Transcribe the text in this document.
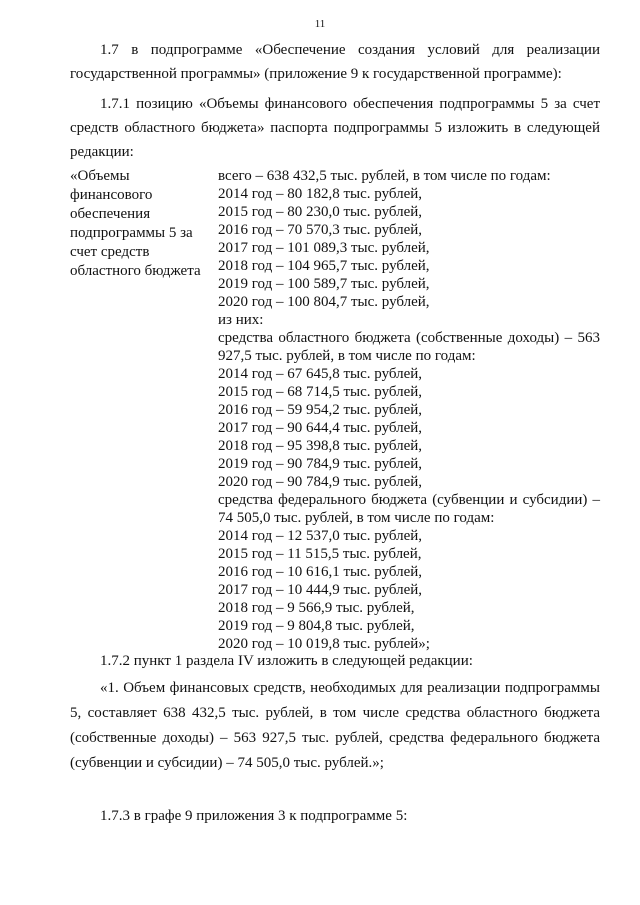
11
1.7 в подпрограмме «Обеспечение создания условий для реализации государственной программы» (приложение 9 к государственной программе):
1.7.1 позицию «Объемы финансового обеспечения подпрограммы 5 за счет средств областного бюджета» паспорта подпрограммы 5 изложить в следующей редакции:
«Объемы
финансового
обеспечения
подпрограммы 5 за
счет средств
областного бюджета
всего – 638 432,5 тыс. рублей, в том числе по годам:
2014 год – 80 182,8 тыс. рублей,
2015 год – 80 230,0 тыс. рублей,
2016 год – 70 570,3 тыс. рублей,
2017 год – 101 089,3 тыс. рублей,
2018 год – 104 965,7 тыс. рублей,
2019 год – 100 589,7 тыс. рублей,
2020 год – 100 804,7 тыс. рублей,
из них:
средства областного бюджета (собственные доходы) – 563 927,5 тыс. рублей, в том числе по годам:
2014 год – 67 645,8 тыс. рублей,
2015 год – 68 714,5 тыс. рублей,
2016 год – 59 954,2 тыс. рублей,
2017 год – 90 644,4 тыс. рублей,
2018 год – 95 398,8 тыс. рублей,
2019 год – 90 784,9 тыс. рублей,
2020 год – 90 784,9 тыс. рублей,
средства федерального бюджета (субвенции и субсидии) – 74 505,0 тыс. рублей, в том числе по годам:
2014 год – 12 537,0 тыс. рублей,
2015 год – 11 515,5 тыс. рублей,
2016 год – 10 616,1 тыс. рублей,
2017 год – 10 444,9 тыс. рублей,
2018 год – 9 566,9 тыс. рублей,
2019 год – 9 804,8 тыс. рублей,
2020 год – 10 019,8 тыс. рублей»;
1.7.2 пункт 1 раздела IV изложить в следующей редакции:
«1. Объем финансовых средств, необходимых для реализации подпрограммы 5, составляет 638 432,5 тыс. рублей, в том числе средства областного бюджета (собственные доходы) – 563 927,5 тыс. рублей, средства федерального бюджета (субвенции и субсидии) – 74 505,0 тыс. рублей.»;
1.7.3 в графе 9 приложения 3 к подпрограмме 5:
